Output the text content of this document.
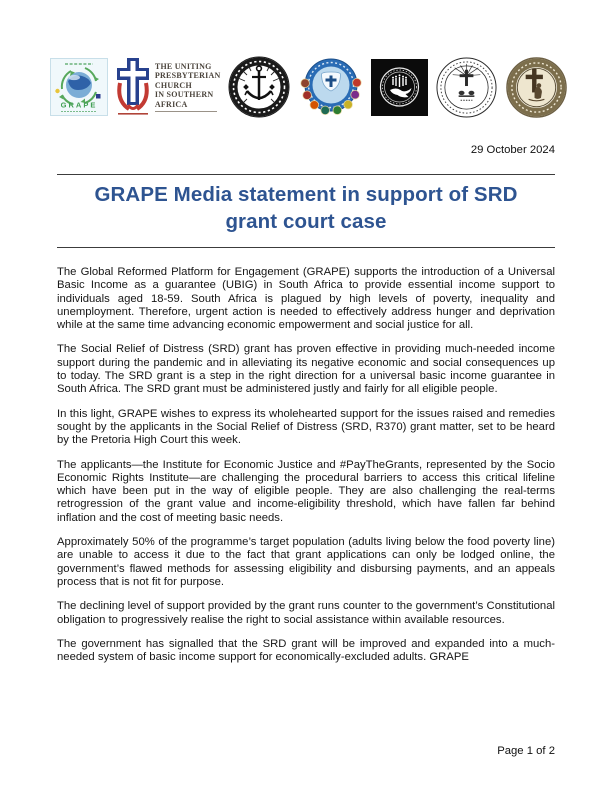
GRAPE
THE UNITING
PRESBYTERIAN
CHURCH
IN SOUTHERN
AFRICA
29 October 2024
GRAPE Media statement in support of SRD
grant court case

The Global Reformed Platform for Engagement (GRAPE) supports the introduction of a Universal Basic Income as a guarantee (UBIG) in South Africa to provide essential income support to individuals aged 18-59. South Africa is plagued by high levels of poverty, inequality and unemployment. Therefore, urgent action is needed to effectively address hunger and deprivation while at the same time advancing economic empowerment and social justice for all.

The Social Relief of Distress (SRD) grant has proven effective in providing much-needed income support during the pandemic and in alleviating its negative economic and social consequences up to today. The SRD grant is a step in the right direction for a universal basic income guarantee in South Africa. The SRD grant must be administered justly and fairly for all eligible people.

In this light, GRAPE wishes to express its wholehearted support for the issues raised and remedies sought by the applicants in the Social Relief of Distress (SRD, R370) grant matter, set to be heard by the Pretoria High Court this week.

The applicants—the Institute for Economic Justice and #PayTheGrants, represented by the Socio Economic Rights Institute—are challenging the procedural barriers to access this critical lifeline which have been put in the way of eligible people. They are also challenging the real-terms retrogression of the grant value and income-eligibility threshold, which have fallen far behind inflation and the cost of meeting basic needs.

Approximately 50% of the programme’s target population (adults living below the food poverty line) are unable to access it due to the fact that grant applications can only be lodged online, the government’s flawed methods for assessing eligibility and disbursing payments, and an appeals process that is not fit for purpose.

The declining level of support provided by the grant runs counter to the government’s Constitutional obligation to progressively realise the right to social assistance within available resources.

The government has signalled that the SRD grant will be improved and expanded into a much-needed system of basic income support for economically-excluded adults. GRAPE

Page 1 of 2
